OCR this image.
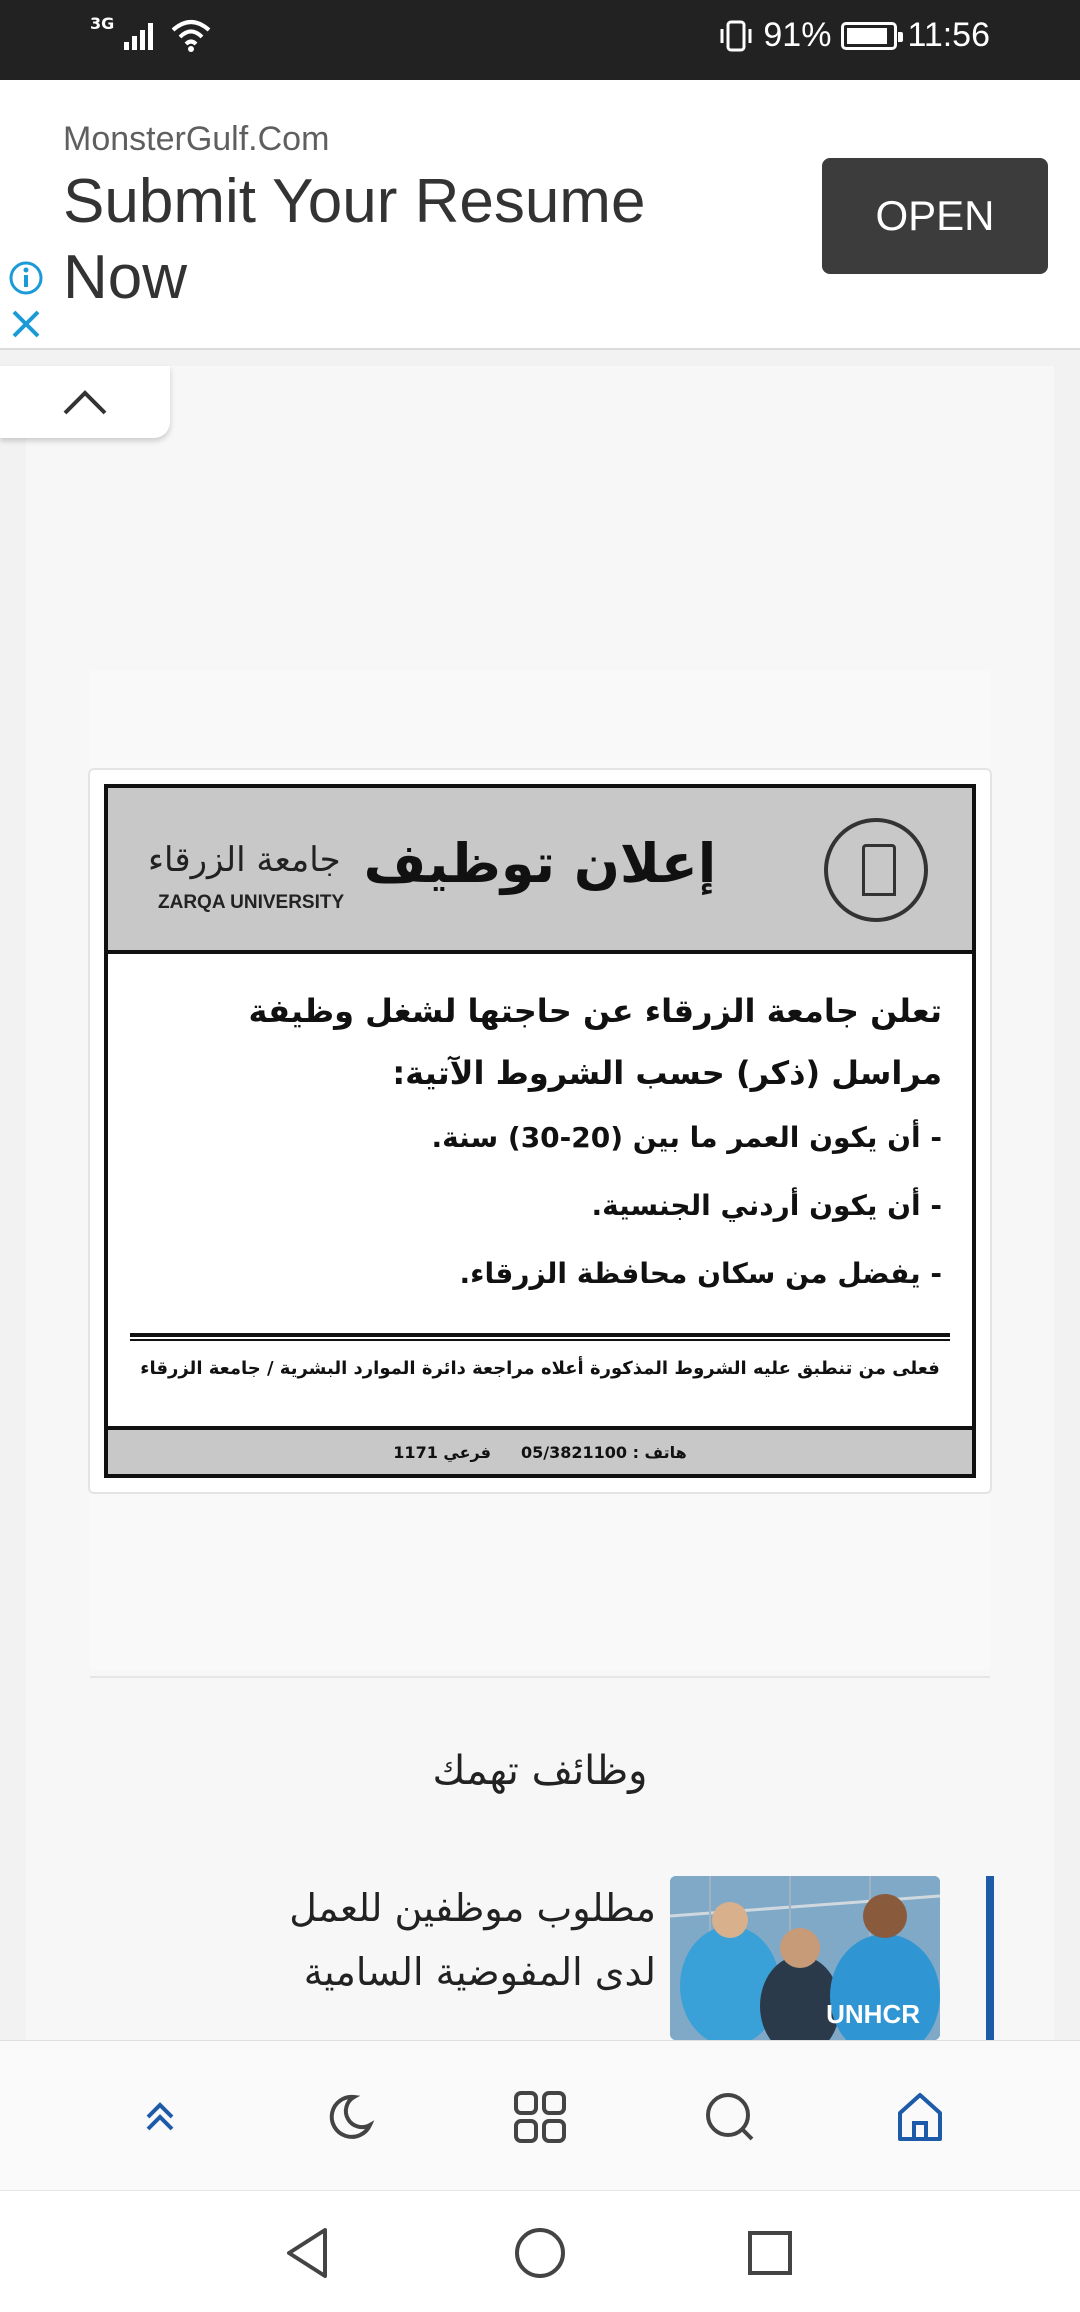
3G	91% 11:56
MonsterGulf.Com
Submit Your Resume Now
OPEN
جامعة الزرقاء
ZARQA UNIVERSITY
إعلان توظيف

تعلن جامعة الزرقاء عن حاجتها لشغل وظيفة مراسل (ذكر) حسب الشروط الآتية:

- أن يكون العمر ما بين (20-30) سنة.

- أن يكون أردني الجنسية.

- يفضل من سكان محافظة الزرقاء.

فعلى من تنطبق عليه الشروط المذكورة أعلاه مراجعة دائرة الموارد البشرية / جامعة الزرقاء
هاتف : 05/3821100
فرعي 1171
وظائف تهمك
UNHCR
مطلوب موظفين للعمل لدى المفوضية السامية
